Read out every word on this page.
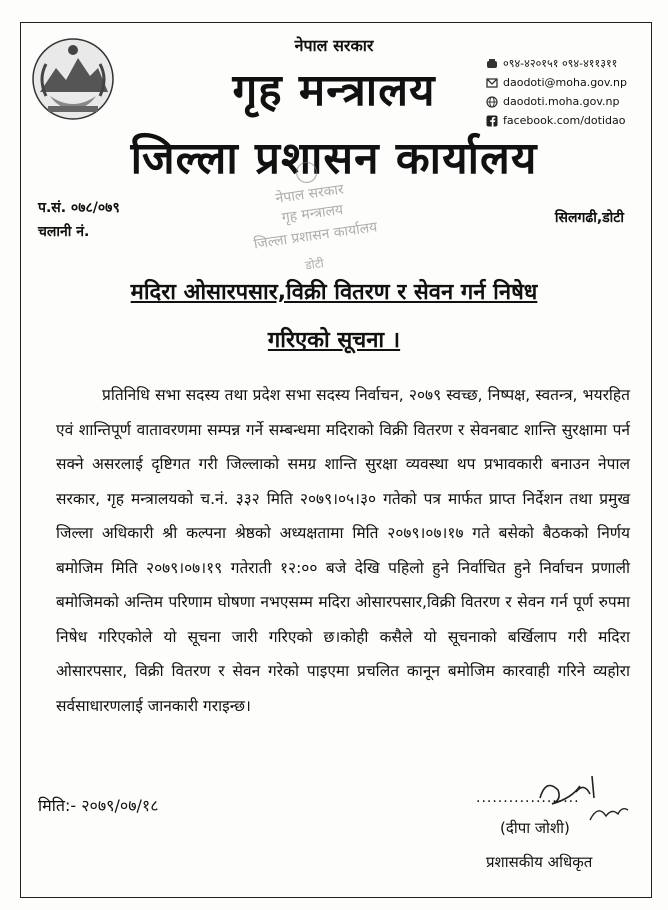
नेपाल सरकार
गृह मन्त्रालय
जिल्ला प्रशासन कार्यालय
०९४-४२०१५१ ०९४-४११३११
daodoti@moha.gov.np
daodoti.moha.gov.np
facebook.com/dotidao
प.सं. ०७८/०७९
चलानी नं.
सिलगढी,डोटी
नेपाल सरकार
गृह मन्त्रालय
जिल्ला प्रशासन कार्यालय
डोटी
मदिरा ओसारपसार,विक्री वितरण र सेवन गर्न निषेध
गरिएको सूचना ।
प्रतिनिधि सभा सदस्य तथा प्रदेश सभा सदस्य निर्वाचन, २०७९ स्वच्छ, निष्पक्ष, स्वतन्त्र, भयरहित एवं शान्तिपूर्ण वातावरणमा सम्पन्न गर्ने सम्बन्धमा मदिराको विक्री वितरण र सेवनबाट शान्ति सुरक्षामा पर्न सक्ने असरलाई दृष्टिगत गरी जिल्लाको समग्र शान्ति सुरक्षा व्यवस्था थप प्रभावकारी बनाउन नेपाल सरकार, गृह मन्त्रालयको च.नं. ३३२ मिति २०७९।०५।३० गतेको पत्र मार्फत प्राप्त निर्देशन तथा प्रमुख जिल्ला अधिकारी श्री कल्पना श्रेष्ठको अध्यक्षतामा मिति २०७९।०७।१७ गते बसेको बैठकको निर्णय बमोजिम मिति २०७९।०७।१९ गतेराती १२:०० बजे देखि पहिलो हुने निर्वाचित हुने निर्वाचन प्रणाली बमोजिमको अन्तिम परिणाम घोषणा नभएसम्म मदिरा ओसारपसार,विक्री वितरण र सेवन गर्न पूर्ण रुपमा निषेध गरिएकोले यो सूचना जारी गरिएको छ।कोही कसैले यो सूचनाको बर्खिलाप गरी मदिरा ओसारपसार, विक्री वितरण र सेवन गरेको पाइएमा प्रचलित कानून बमोजिम कारवाही गरिने व्यहोरा सर्वसाधारणलाई जानकारी गराइन्छ।
मिति:- २०७९/०७/१८	...................
(दीपा जोशी)
प्रशासकीय अधिकृत
